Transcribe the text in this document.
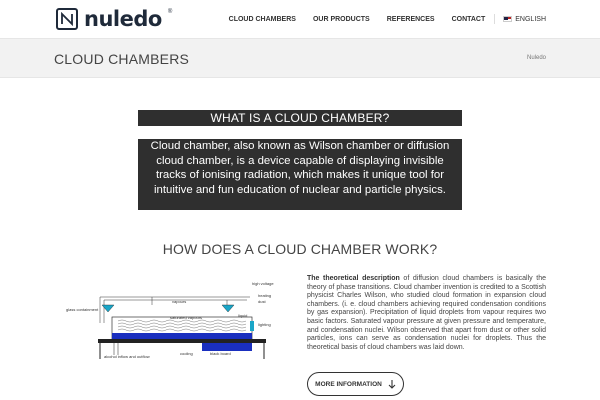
nuledo ®
CLOUD CHAMBERS OUR PRODUCTS REFERENCES CONTACT	ENGLISH
CLOUD CHAMBERS	Nuledo
WHAT IS A CLOUD CHAMBER?
Cloud chamber, also known as Wilson chamber or diffusion cloud chamber, is a device capable of displaying invisible tracks of ionising radiation, which makes it unique tool for intuitive and fun education of nuclear and particle physics.
HOW DOES A CLOUD CHAMBER WORK?
high voltage
vapours
heating
dust
glass containment
saturated vapours	liquid
lighting
alcohol inflow and outflow
cooling	black board
The theoretical description of diffusion cloud chambers is basically the theory of phase transitions. Cloud chamber invention is credited to a Scottish physicist Charles Wilson, who studied cloud formation in expansion cloud chambers. (i. e. cloud chambers achieving required condensation conditions by gas expansion). Precipitation of liquid droplets from vapour requires two basic factors. Saturated vapour pressure at given pressure and temperature, and condensation nuclei. Wilson observed that apart from dust or other solid particles, ions can serve as condensation nuclei for droplets. Thus the theoretical basis of cloud chambers was laid down.
MORE INFORMATION
